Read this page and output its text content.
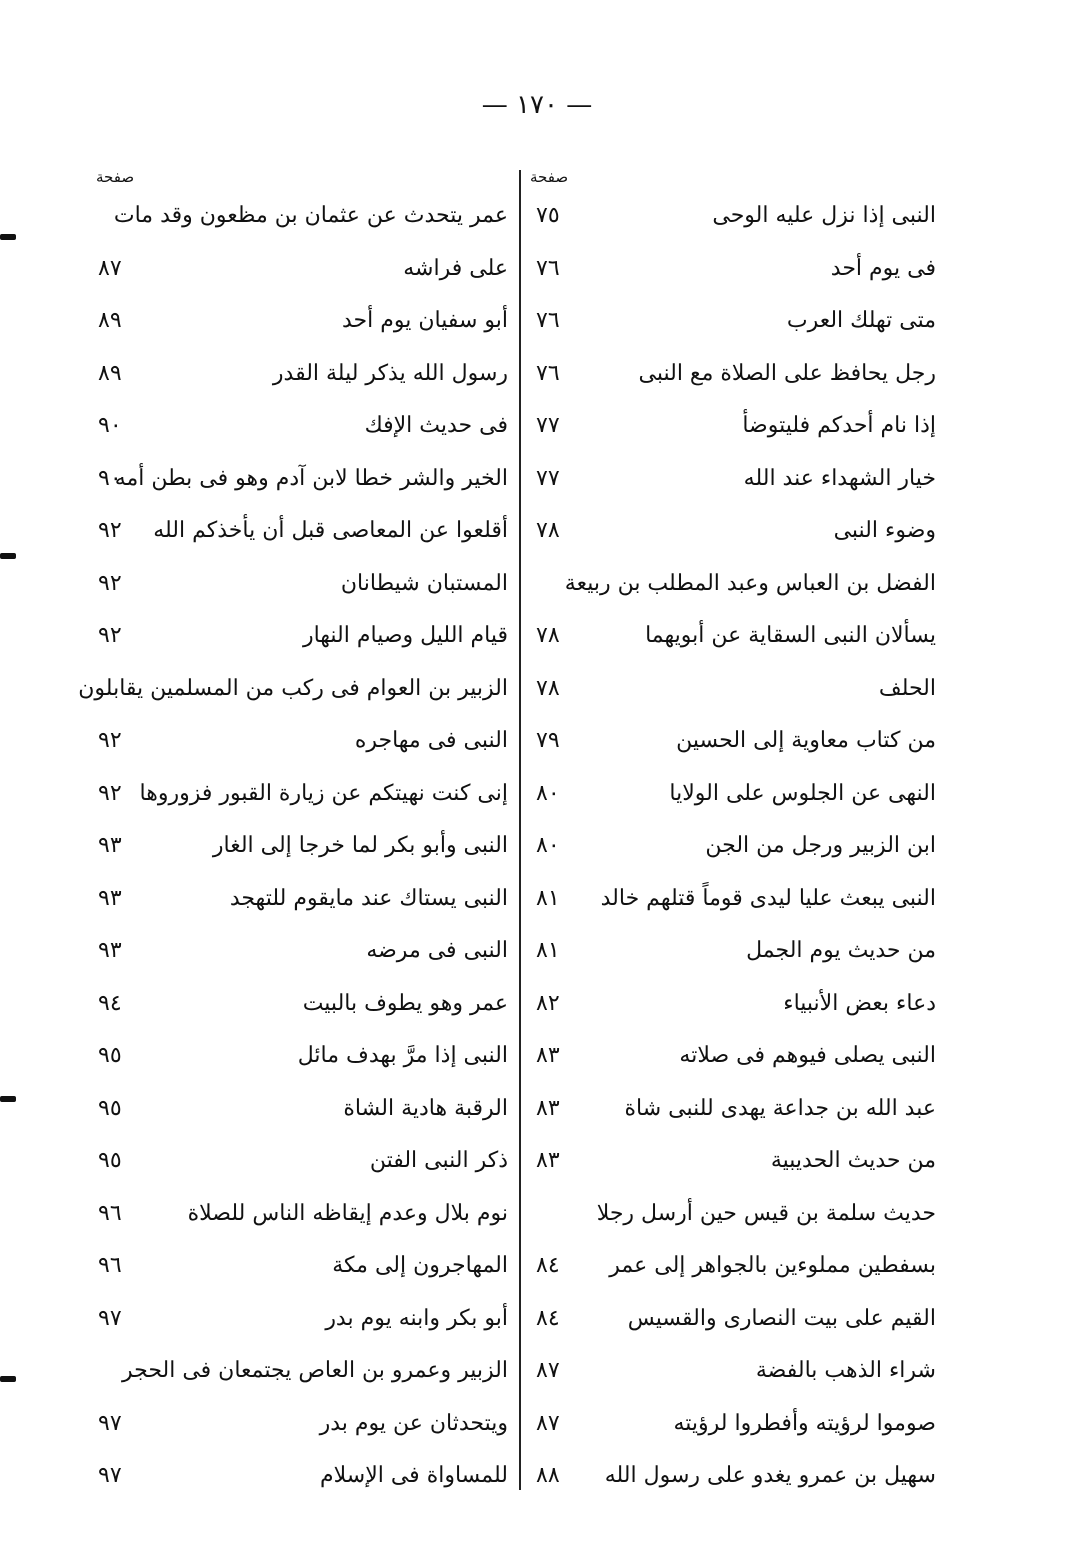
— ١٧٠ —
صفحة	صفحة
النبى إذا نزل عليه الوحى
٧٥
فى يوم أحد
٧٦
متى تهلك العرب
٧٦
رجل يحافظ على الصلاة مع النبى
٧٦
إذا نام أحدكم فليتوضأ
٧٧
خيار الشهداء عند الله
٧٧
وضوء النبى
٧٨
الفضل بن العباس وعبد المطلب بن ربيعة
يسألان النبى السقاية عن أبويهما
٧٨
الحلف
٧٨
من كتاب معاوية إلى الحسين
٧٩
النهى عن الجلوس على الولايا
٨٠
ابن الزبير ورجل من الجن
٨٠
النبى يبعث عليا ليدى قوماً قتلهم خالد
٨١
من حديث يوم الجمل
٨١
دعاء بعض الأنبياء
٨٢
النبى يصلى فيوهم فى صلاته
٨٣
عبد الله بن جداعة يهدى للنبى شاة
٨٣
من حديث الحديبية
٨٣
حديث سلمة بن قيس حين أرسل رجلا
بسفطين مملوءين بالجواهر إلى عمر
٨٤
القيم على بيت النصارى والقسيس
٨٤
شراء الذهب بالفضة
٨٧
صوموا لرؤيته وأفطروا لرؤيته
٨٧
سهيل بن عمرو يغدو على رسول الله
٨٨
عمر يتحدث عن عثمان بن مظعون وقد مات
على فراشه
٨٧
أبو سفيان يوم أحد
٨٩
رسول الله يذكر ليلة القدر
٨٩
فى حديث الإفك
٩٠
الخير والشر خطا لابن آدم وهو فى بطن أمه
٩٠
أقلعوا عن المعاصى قبل أن يأخذكم الله
٩٢
المستبان شيطانان
٩٢
قيام الليل وصيام النهار
٩٢
الزبير بن العوام فى ركب من المسلمين يقابلون
النبى فى مهاجره
٩٢
إنى كنت نهيتكم عن زيارة القبور فزوروها
٩٢
النبى وأبو بكر لما خرجا إلى الغار
٩٣
النبى يستاك عند مايقوم للتهجد
٩٣
النبى فى مرضه
٩٣
عمر وهو يطوف بالبيت
٩٤
النبى إذا مرَّ بهدف مائل
٩٥
الرقبة هادية الشاة
٩٥
ذكر النبى الفتن
٩٥
نوم بلال وعدم إيقاظه الناس للصلاة
٩٦
المهاجرون إلى مكة
٩٦
أبو بكر وابنه يوم بدر
٩٧
الزبير وعمرو بن العاص يجتمعان فى الحجر
ويتحدثان عن يوم بدر
٩٧
للمساواة فى الإسلام
٩٧
